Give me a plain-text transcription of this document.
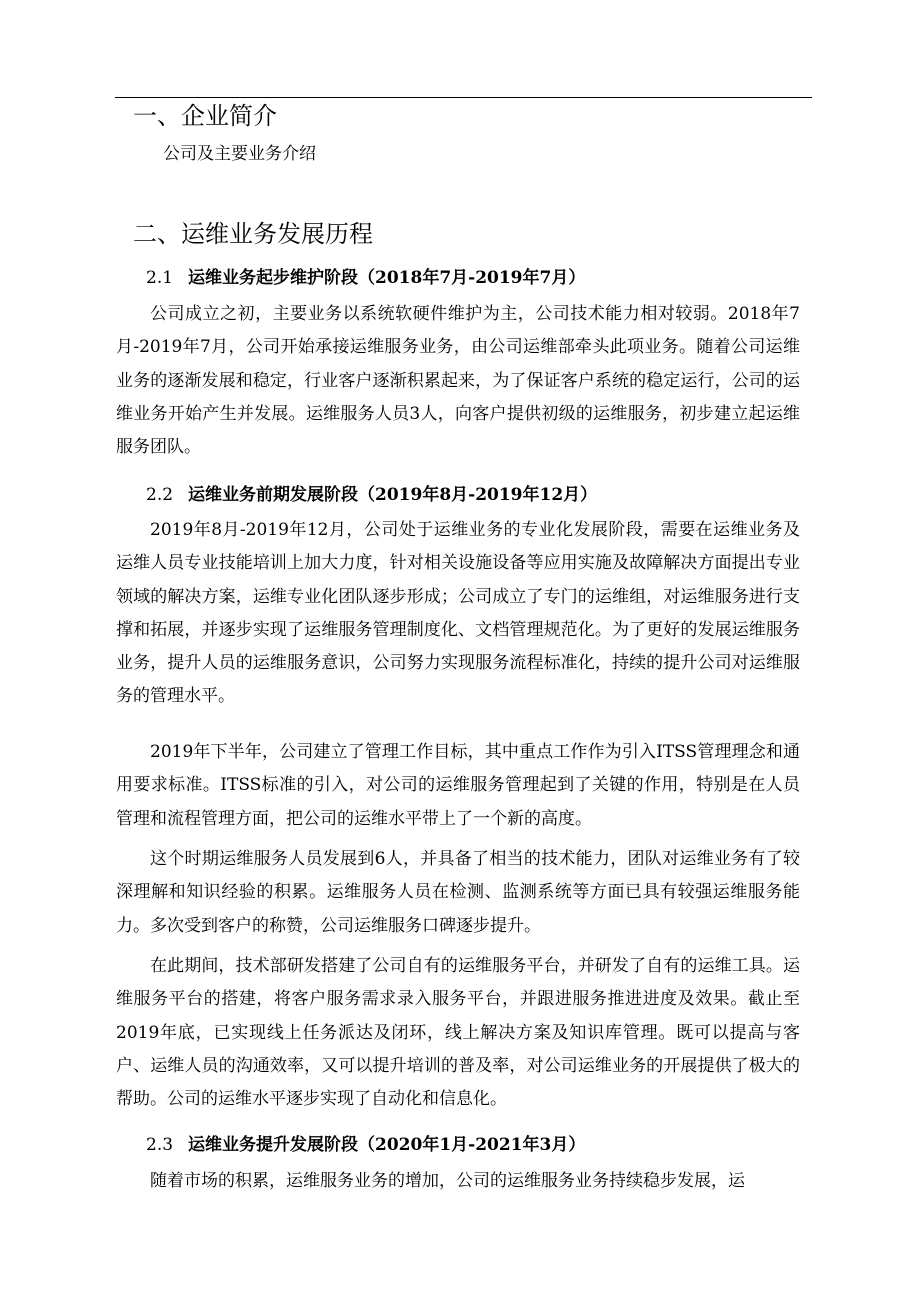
一、企业简介
公司及主要业务介绍
二、运维业务发展历程
2.1 运维业务起步维护阶段（2018年7月-2019年7月）

公司成立之初，主要业务以系统软硬件维护为主，公司技术能力相对较弱。2018年7月-2019年7月，公司开始承接运维服务业务，由公司运维部牵头此项业务。随着公司运维业务的逐渐发展和稳定，行业客户逐渐积累起来，为了保证客户系统的稳定运行，公司的运维业务开始产生并发展。运维服务人员3人，向客户提供初级的运维服务，初步建立起运维服务团队。

2.2 运维业务前期发展阶段（2019年8月-2019年12月）

2019年8月-2019年12月，公司处于运维业务的专业化发展阶段，需要在运维业务及运维人员专业技能培训上加大力度，针对相关设施设备等应用实施及故障解决方面提出专业领域的解决方案，运维专业化团队逐步形成；公司成立了专门的运维组，对运维服务进行支撑和拓展，并逐步实现了运维服务管理制度化、文档管理规范化。为了更好的发展运维服务业务，提升人员的运维服务意识，公司努力实现服务流程标准化，持续的提升公司对运维服务的管理水平。

2019年下半年，公司建立了管理工作目标，其中重点工作作为引入ITSS管理理念和通用要求标准。ITSS标准的引入，对公司的运维服务管理起到了关键的作用，特别是在人员管理和流程管理方面，把公司的运维水平带上了一个新的高度。

这个时期运维服务人员发展到6人，并具备了相当的技术能力，团队对运维业务有了较深理解和知识经验的积累。运维服务人员在检测、监测系统等方面已具有较强运维服务能力。多次受到客户的称赞，公司运维服务口碑逐步提升。

在此期间，技术部研发搭建了公司自有的运维服务平台，并研发了自有的运维工具。运维服务平台的搭建，将客户服务需求录入服务平台，并跟进服务推进进度及效果。截止至2019年底，已实现线上任务派达及闭环，线上解决方案及知识库管理。既可以提高与客户、运维人员的沟通效率，又可以提升培训的普及率，对公司运维业务的开展提供了极大的帮助。公司的运维水平逐步实现了自动化和信息化。

2.3 运维业务提升发展阶段（2020年1月-2021年3月）

随着市场的积累，运维服务业务的增加，公司的运维服务业务持续稳步发展，运
